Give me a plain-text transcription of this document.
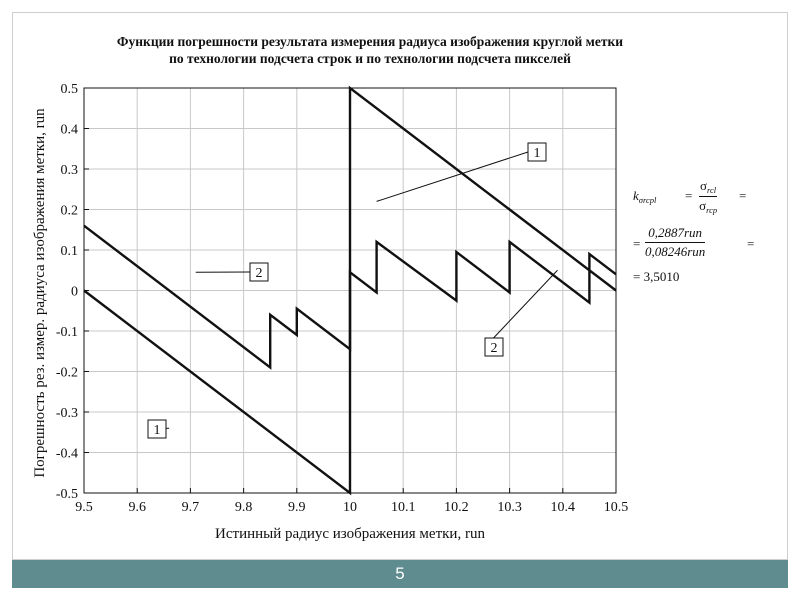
Функции погрешности результата измерения радиуса изображения круглой метки
по технологии подсчета строк и по технологии подсчета пикселей
1
2
1
2
9.5	9.6	9.7	9.8	9.9	10 10.1 10.2 10.3 10.4 10.5
0.5
0.4
0.3
0.2
0.1
0
-0.1
-0.2
-0.3
-0.4
-0.5
Истинный радиус изображения метки, run
Погрешность рез. измер. радиуса изображения метки, run	$k_{\sigma rcpl}$ =
$\sigma_{rcl}$
$\sigma_{rcp}$
=
=
0,2887run
0,08246run
=
= 3,5010
5
